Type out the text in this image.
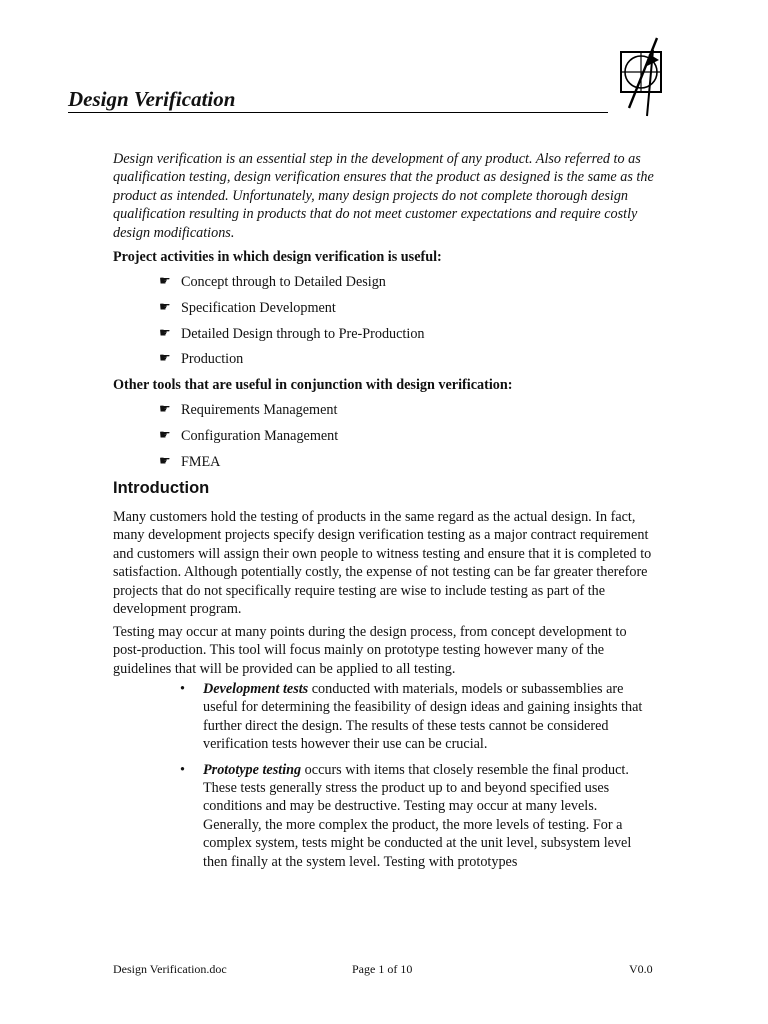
Design Verification
Design verification is an essential step in the development of any product. Also referred to as qualification testing, design verification ensures that the product as designed is the same as the product as intended. Unfortunately, many design projects do not complete thorough design qualification resulting in products that do not meet customer expectations and require costly design modifications.
Project activities in which design verification is useful:
☛ Concept through to Detailed Design
☛ Specification Development
☛ Detailed Design through to Pre-Production
☛ Production
Other tools that are useful in conjunction with design verification:
☛ Requirements Management
☛ Configuration Management
☛ FMEA
Introduction

Many customers hold the testing of products in the same regard as the actual design. In fact, many development projects specify design verification testing as a major contract requirement and customers will assign their own people to witness testing and ensure that it is completed to satisfaction. Although potentially costly, the expense of not testing can be far greater therefore projects that do not specifically require testing are wise to include testing as part of the development program.

Testing may occur at many points during the design process, from concept development to post-production. This tool will focus mainly on prototype testing however many of the guidelines that will be provided can be applied to all testing.

• Development tests conducted with materials, models or subassemblies are useful for determining the feasibility of design ideas and gaining insights that further direct the design. The results of these tests cannot be considered verification tests however their use can be crucial.
• Prototype testing occurs with items that closely resemble the final product. These tests generally stress the product up to and beyond specified uses conditions and may be destructive. Testing may occur at many levels. Generally, the more complex the product, the more levels of testing. For a complex system, tests might be conducted at the unit level, subsystem level then finally at the system level. Testing with prototypes
Design Verification.doc	Page 1 of 10	V0.0
